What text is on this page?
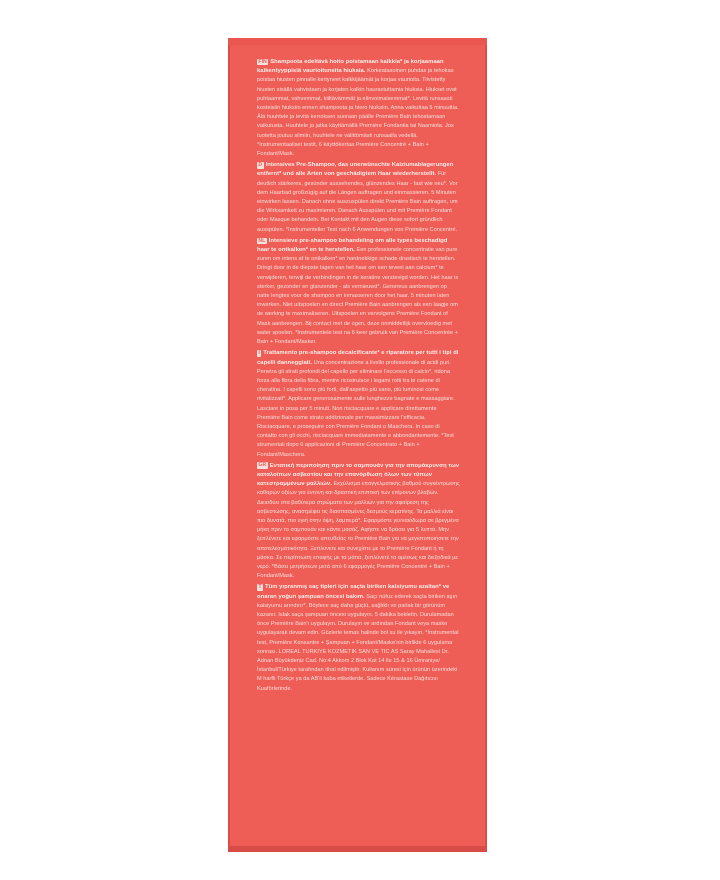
FIN Shampoota edeltävä hoito poistamaan kalkkia* ja korjaamaan kaikentyyppisiä vaurioituneita hiuksia. Korkeatasoinen puhdas ja tehokas poistaa hiusten pinnalle kertyneet kalkkijäämät ja korjaa vaurioita. Tiivistetty hiusten sisällä vahvistaen ja korjaten kalkin haurastuttamia hiuksia. Hiukset ovat puhtaammat, vahvemmat, kiiltävämmät ja elinvoimaisemmat*. Levitä runsaasti kosteisiin hiuksiin ennen shampoota ja hiero hiuksiin. Anna vaikuttaa 5 minuuttia. Älä huuhtele ja levitä kerroksen suoraan päälle Première Bain tehostamaan vaikutusta. Huuhtele ja jatka käyttämällä Première Fondantia tai Naamiota. Jos tuotetta joutuu silmiin, huuhtele ne välittömästi runsaalla vedellä. *Instrumentaaliset testit, 6 käyttökertaa Première Concentré + Bain + Fondant/Mask.
D Intensives Pre-Shampoo, das unerwünschte Kalziumablagerungen entfernt* und alle Arten von geschädigtem Haar wiederherstellt. Für deutlich stärkeres, gesünder aussehendes, glänzendes Haar - fast wie neu*. Vor dem Haarbad großzügig auf die Längen auftragen und einmassieren. 5 Minuten einwirken lassen. Danach ohne auszuspülen direkt Première Bain auftragen, um die Wirksamkeit zu maximieren. Danach Ausspülen und mit Première Fondant oder Masque behandeln. Bei Kontakt mit den Augen diese sofort gründlich ausspülen. *Instrumenteller Test nach 6 Anwendungen von Première Concentré.
NL Intensieve pre-shampoo behandeling om alle types beschadigd haar te ontkalken* en te herstellen. Een professionele concentratie van pure zuren om intens af te ontkalken* en hardnekkige schade drastisch te herstellen. Dringt door in de diepste lagen van het haar om een teveel aan calcium* te verwijderen, terwijl de verbindingen in de keratine verstevigd worden. Het haar is sterker, gezonder en glanzender - als vernieuwd*. Genereus aanbrengen op natte lengtes voor de shampoo en inmasseren door het haar. 5 minuten laten inwerken. Niet uitspoelen en direct Première Bain aanbrengen als een laagje om de werking te maximaliseren. Uitspoelen en vervolgens Première Fondant of Mask aanbrengen. Bij contact met de ogen, deze onmiddellijk overvloedig met water spoelen. *Instrumentele test na 6 keer gebruik van Première Concentrée + Bain + Fondant/Masker.
I Trattamento pre-shampoo decalcificante* e riparatore per tutti i tipi di capelli danneggiati. Una concentrazione a livello professionale di acidi puri. Penetra gli strati profondi del capello per eliminare l'eccesso di calcio*, ridona forza alla fibra della fibra, mentre ricostruisce i legami rotti tra le catene di cheratina. I capelli sono più forti, dall'aspetto più sano, più luminosi come rivitalizzati*. Applicare generosamente sulle lunghezze bagnate e massaggiare. Lasciare in posa per 5 minuti. Non risciacquare e applicare direttamente Première Bain come strato addizionale per massimizzare l'efficacia. Risciacquare, e proseguire con Première Fondant o Maschera. In caso di contatto con gli occhi, risciacquare immediatamente e abbondantemente. *Test strumentali dopo 6 applicazioni di Première Concentrato + Bain + Fondant/Maschera.
GR Εντατική περιποίηση πριν το σαμπουάν για την απομάκρυνση των καταλοίπων ασβεστίου και την επανόρθωση όλων των τύπων κατεστραμμένων μαλλιών. Εκχύλισμα επαγγελματικής βαθμού συγκέντρωσης καθαρών οξέων για έντονη και δραστική επιπτική των επίμονων βλαβών. Διεισδύει στα βαθύτερα στρώματα των μαλλιών για την αφαίρεση της ασβεστώσης, αναστρέφει τις διασπασμένες δεσμούς κερατίνης. Τα μαλλιά είναι πιο δυνατά, πιο υγιή στην όψη, λαμπερά*. Εφαρμόστε γενναιόδωρα σε βρεγμένα μήκη πριν το σαμπουάν και κάντε μασάζ. Αφήστε να δράσει για 5 λεπτά. Μην ξεπλένετε και εφαρμόστε απευθείας το Première Bain για να μεγιστοποιήσετε την αποτελεσματικότητα. Ξεπλύνετε και συνεχίστε με το Première Fondant ή τη μάσκα. Σε περίπτωση επαφής με τα μάτια, ξεπλύνετέ τα αμέσως και διεξοδικά με νερό. *Βάσει μετρήσεων μετά από 6 εφαρμογές Première Concentré + Bain + Fondant/Mask.
T Tüm yıpranmış saç tipleri için saçta biriken kalsiyumu azaltan* ve onaran yoğun şampuan öncesi bakım. Saçı nüfuz ederek saçta biriken aşırı kalsiyumu arındırır*. Böylece saç daha güçlü, sağlıklı ve parlak bir görünüm kazanır. Islak saça şampuan öncesi uygulayın. 5 dakika bekletin. Durulamadan önce Première Bain'ı uygulayın. Durulayın ve ardından Fondant veya maske uygulayarak devam edin. Gözlerle temas halinde bol su ile yıkayın. *İnstrumental test, Première Konsantre + Şampuan + Fondant/Maske'nin birlikte 6 uygulama sonrası. LOREAL TURKIYE KOZMETIK SAN VE TIC AS Saray Mahallesi Dr. Adnan Büyükdeniz Cad. No:4 Akkom 2 Blok Kat 14 ile 15 & 16 Ümraniye/İstanbul/Türkiye tarafından ithal edilmiştir. Kullanım süresi için ürünün üzerindeki M harfli Türkçe ya da AB'li kaba etiketlerde. Sadece Kérastase Dağıtıcısı Kuaförlerinde.
